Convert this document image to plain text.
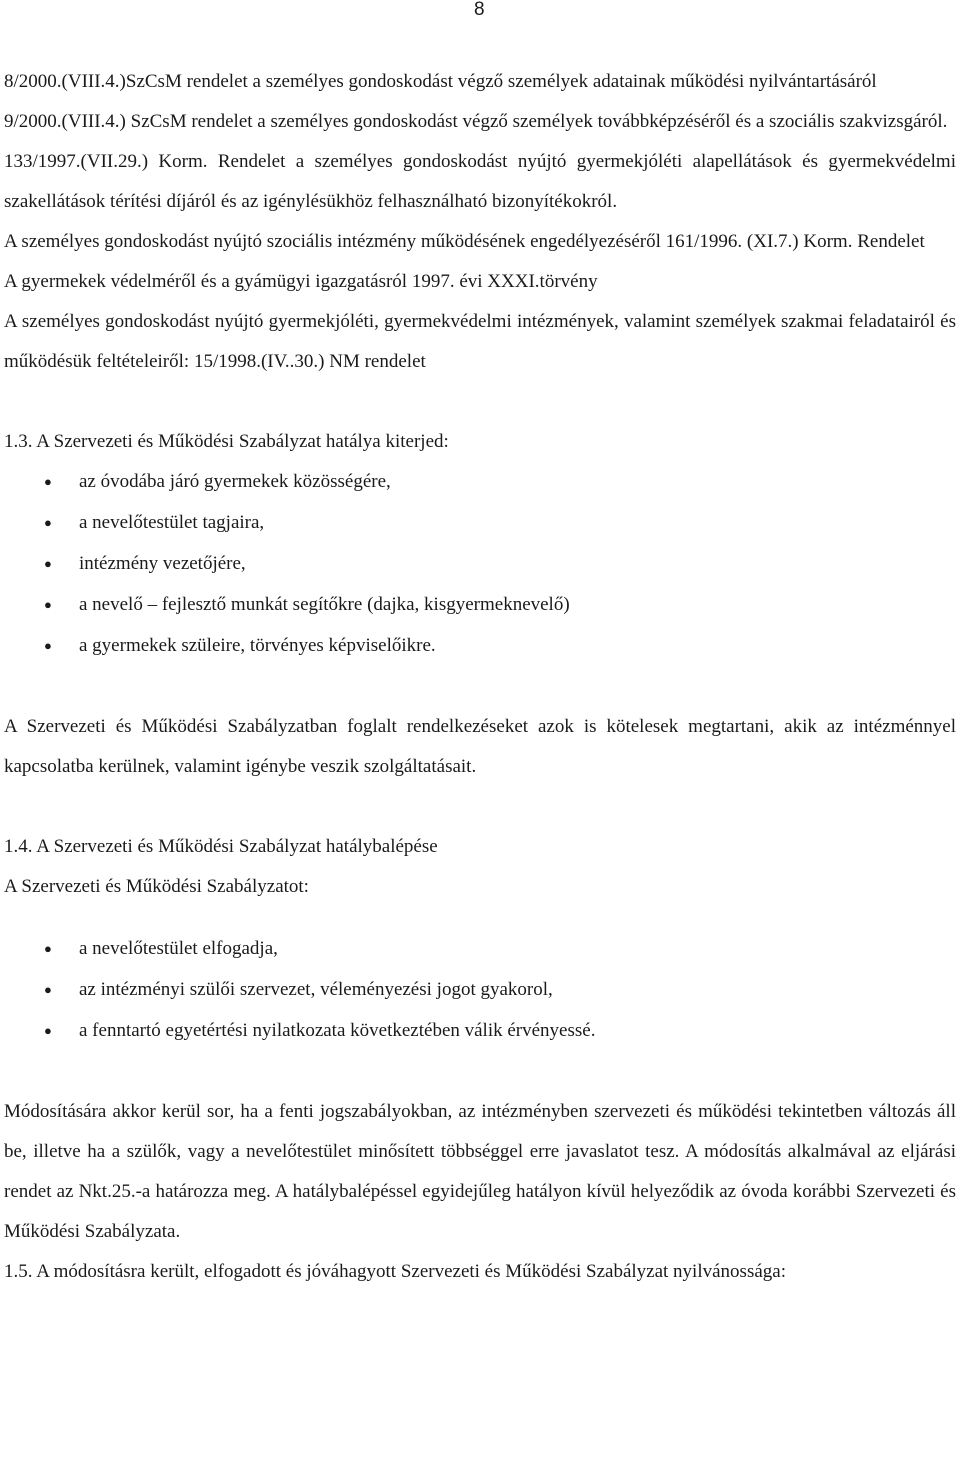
8

8/2000.(VIII.4.)SzCsM rendelet a személyes gondoskodást végző személyek adatainak működési nyilvántartásáról

9/2000.(VIII.4.) SzCsM rendelet a személyes gondoskodást végző személyek továbbképzéséről és a szociális szakvizsgáról.

133/1997.(VII.29.) Korm. Rendelet a személyes gondoskodást nyújtó gyermekjóléti alapellátások és gyermekvédelmi szakellátások térítési díjáról és az igénylésükhöz felhasználható bizonyítékokról.

A személyes gondoskodást nyújtó szociális intézmény működésének engedélyezéséről 161/1996. (XI.7.) Korm. Rendelet

A gyermekek védelméről és a gyámügyi igazgatásról 1997. évi XXXI.törvény

A személyes gondoskodást nyújtó gyermekjóléti, gyermekvédelmi intézmények, valamint személyek szakmai feladatairól és működésük feltételeiről: 15/1998.(IV..30.) NM rendelet

1.3. A Szervezeti és Működési Szabályzat hatálya kiterjed:

● az óvodába járó gyermekek közösségére,
● a nevelőtestület tagjaira,
● intézmény vezetőjére,
● a nevelő – fejlesztő munkát segítőkre (dajka, kisgyermeknevelő)
● a gyermekek szüleire, törvényes képviselőikre.

A Szervezeti és Működési Szabályzatban foglalt rendelkezéseket azok is kötelesek megtartani, akik az intézménnyel kapcsolatba kerülnek, valamint igénybe veszik szolgáltatásait.

1.4. A Szervezeti és Működési Szabályzat hatálybalépése

A Szervezeti és Működési Szabályzatot:

● a nevelőtestület elfogadja,
● az intézményi szülői szervezet, véleményezési jogot gyakorol,
● a fenntartó egyetértési nyilatkozata következtében válik érvényessé.

Módosítására akkor kerül sor, ha a fenti jogszabályokban, az intézményben szervezeti és működési tekintetben változás áll be, illetve ha a szülők, vagy a nevelőtestület minősített többséggel erre javaslatot tesz. A módosítás alkalmával az eljárási rendet az Nkt.25.-a határozza meg. A hatálybalépéssel egyidejűleg hatályon kívül helyeződik az óvoda korábbi Szervezeti és Működési Szabályzata.

1.5. A módosításra került, elfogadott és jóváhagyott Szervezeti és Működési Szabályzat nyilvánossága:
